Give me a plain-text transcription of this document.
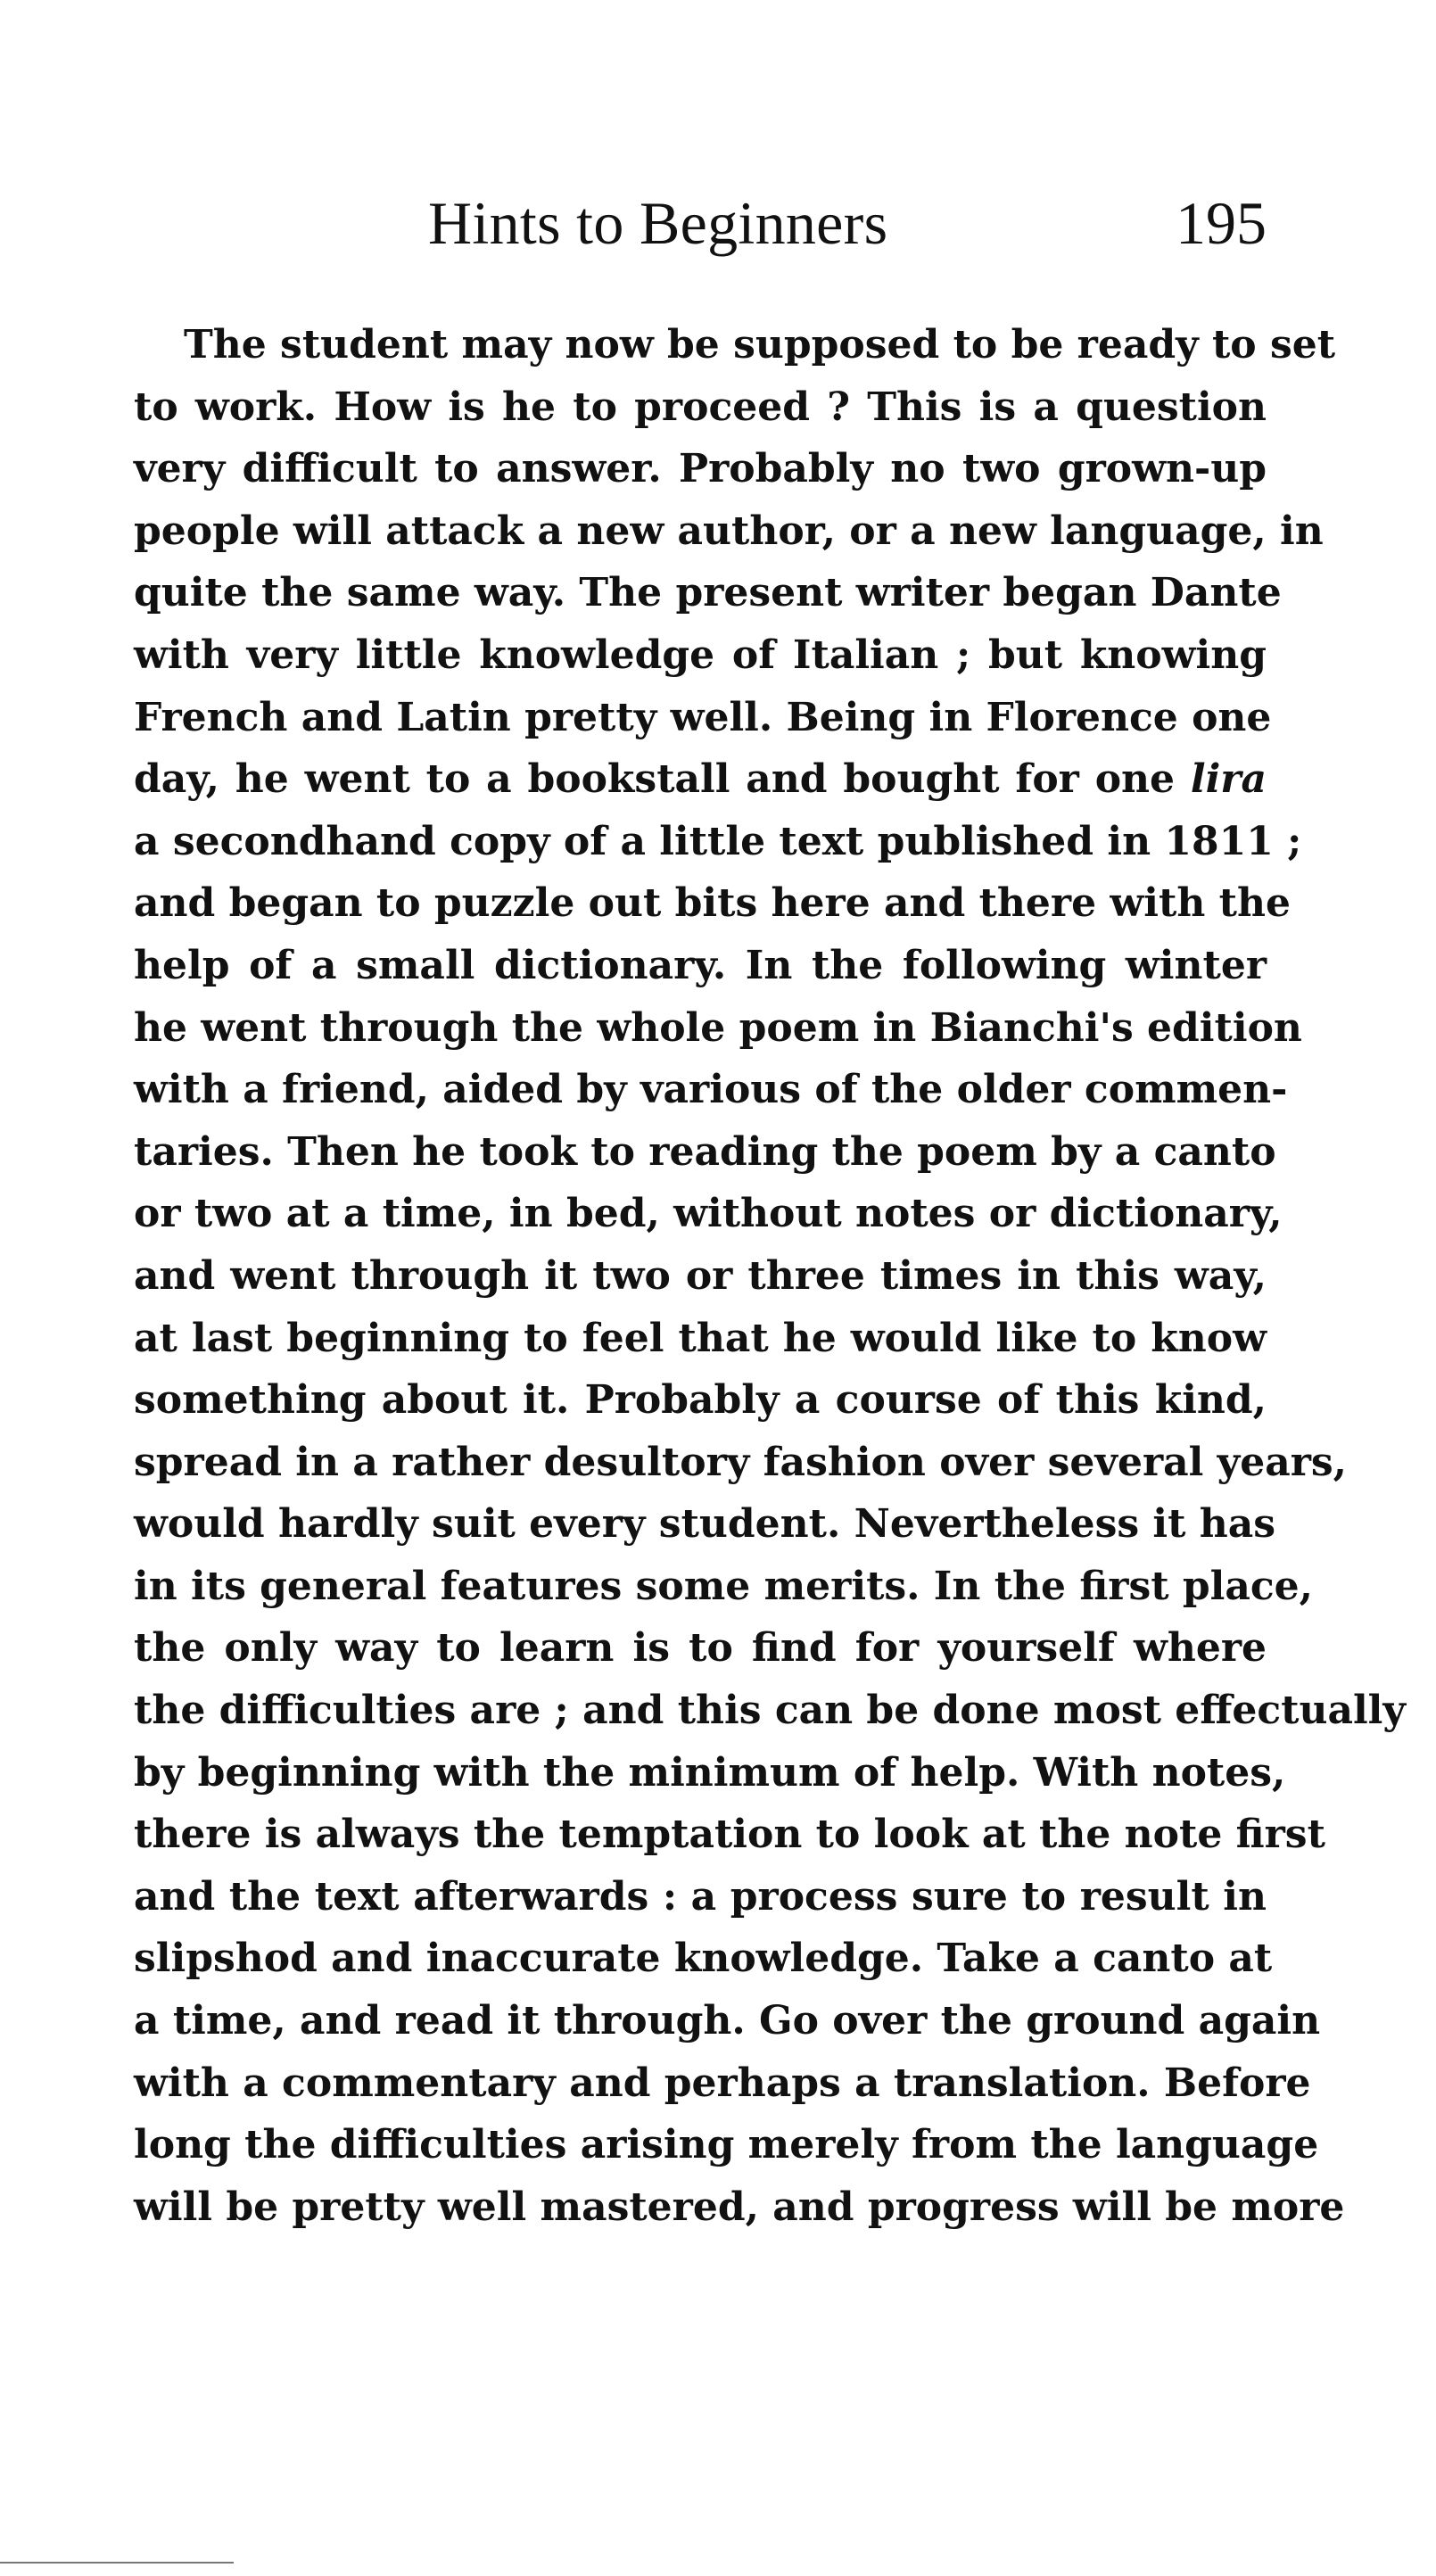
Hints to Beginners	195
The student may now be supposed to be ready to set
to work. How is he to proceed ? This is a question
very difficult to answer. Probably no two grown-up
people will attack a new author, or a new language, in
quite the same way. The present writer began Dante
with very little knowledge of Italian ; but knowing
French and Latin pretty well. Being in Florence one
day, he went to a bookstall and bought for one lira
a secondhand copy of a little text published in 1811 ;
and began to puzzle out bits here and there with the
help of a small dictionary. In the following winter
he went through the whole poem in Bianchi's edition
with a friend, aided by various of the older commen-
taries. Then he took to reading the poem by a canto
or two at a time, in bed, without notes or dictionary,
and went through it two or three times in this way,
at last beginning to feel that he would like to know
something about it. Probably a course of this kind,
spread in a rather desultory fashion over several years,
would hardly suit every student. Nevertheless it has
in its general features some merits. In the first place,
the only way to learn is to find for yourself where
the difficulties are ; and this can be done most effectually
by beginning with the minimum of help. With notes,
there is always the temptation to look at the note first
and the text afterwards : a process sure to result in
slipshod and inaccurate knowledge. Take a canto at
a time, and read it through. Go over the ground again
with a commentary and perhaps a translation. Before
long the difficulties arising merely from the language
will be pretty well mastered, and progress will be more
